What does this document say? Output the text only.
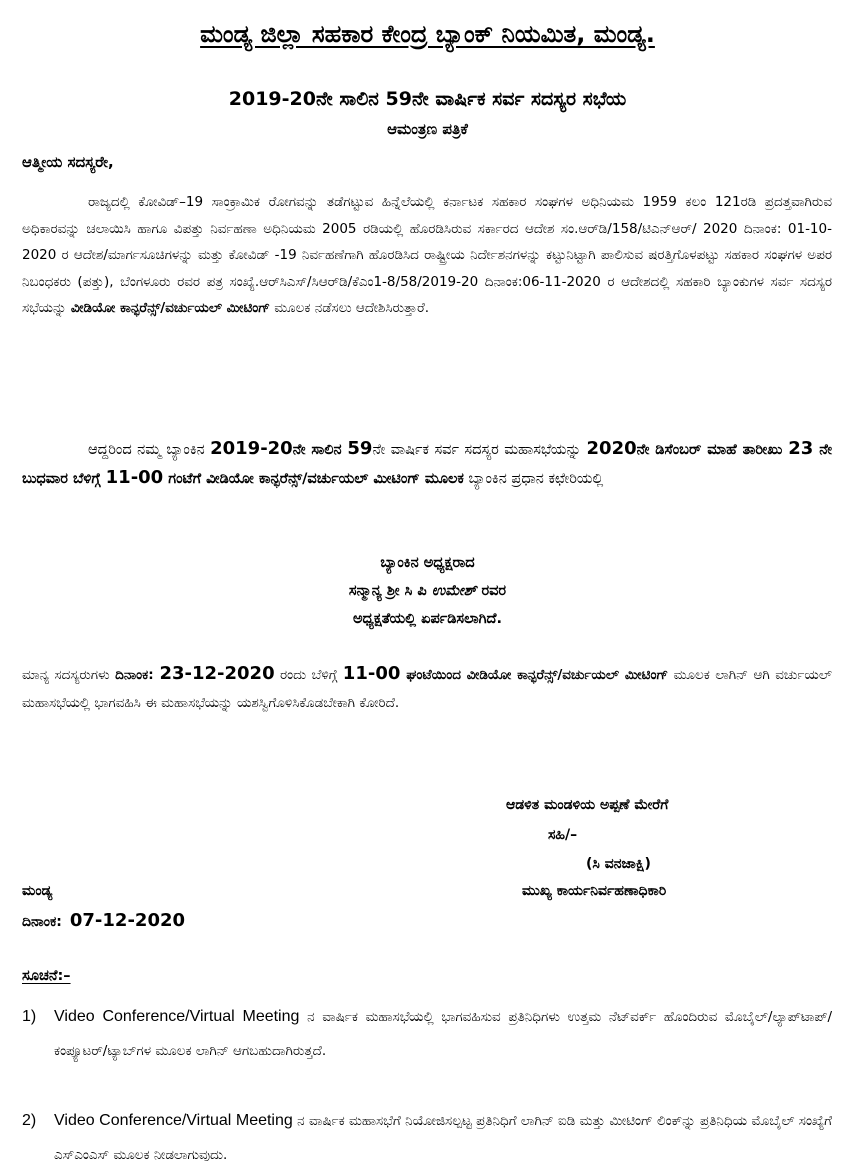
ಮಂಡ್ಯ ಜಿಲ್ಲಾ ಸಹಕಾರ ಕೇಂದ್ರ ಬ್ಯಾಂಕ್ ನಿಯಮಿತ, ಮಂಡ್ಯ.
2019-20ನೇ ಸಾಲಿನ 59ನೇ ವಾರ್ಷಿಕ ಸರ್ವ ಸದಸ್ಯರ ಸಭೆಯ
ಆಮಂತ್ರಣ ಪತ್ರಿಕೆ
ಆತ್ಮೀಯ ಸದಸ್ಯರೇ,
ರಾಜ್ಯದಲ್ಲಿ ಕೋವಿಡ್–19 ಸಾಂಕ್ರಾಮಿಕ ರೋಗವನ್ನು ತಡೆಗಟ್ಟುವ ಹಿನ್ನೆಲೆಯಲ್ಲಿ ಕರ್ನಾಟಕ ಸಹಕಾರ ಸಂಘಗಳ ಅಧಿನಿಯಮ 1959 ಕಲಂ 121ರಡಿ ಪ್ರದತ್ತವಾಗಿರುವ ಅಧಿಕಾರವನ್ನು ಚಲಾಯಿಸಿ ಹಾಗೂ ವಿಪತ್ತು ನಿರ್ವಹಣಾ ಅಧಿನಿಯಮ 2005 ರಡಿಯಲ್ಲಿ ಹೊರಡಿಸಿರುವ ಸರ್ಕಾರದ ಆದೇಶ ಸಂ.ಆರ್‌ಡಿ/158/ಟಿಎನ್‌ಆರ್/ 2020 ದಿನಾಂಕ: 01-10-2020 ರ ಆದೇಶ/ಮಾರ್ಗಸೂಚಿಗಳನ್ನು ಮತ್ತು ಕೋವಿಡ್ -19 ನಿರ್ವಹಣೆಗಾಗಿ ಹೊರಡಿಸಿದ ರಾಷ್ಟ್ರೀಯ ನಿರ್ದೇಶನಗಳನ್ನು ಕಟ್ಟುನಿಟ್ಟಾಗಿ ಪಾಲಿಸುವ ಷರತ್ತಿಗೊಳಪಟ್ಟು ಸಹಕಾರ ಸಂಘಗಳ ಅಪರ ನಿಬಂಧಕರು (ಪತ್ತು), ಬೆಂಗಳೂರು ರವರ ಪತ್ರ ಸಂಖ್ಯೆ.ಆರ್‌ಸಿಎಸ್/ಸಿಆರ್‌ಡಿ/ಕೆಎಂ1-8/58/2019-20 ದಿನಾಂಕ:06-11-2020 ರ ಆದೇಶದಲ್ಲಿ ಸಹಕಾರಿ ಬ್ಯಾಂಕುಗಳ ಸರ್ವ ಸದಸ್ಯರ ಸಭೆಯನ್ನು ವೀಡಿಯೋ ಕಾನ್ಫರೆನ್ಸ್/ವರ್ಚುಯಲ್ ಮೀಟಿಂಗ್ ಮೂಲಕ ನಡೆಸಲು ಆದೇಶಿಸಿರುತ್ತಾರೆ.
ಆದ್ದರಿಂದ ನಮ್ಮ ಬ್ಯಾಂಕಿನ 2019-20ನೇ ಸಾಲಿನ 59ನೇ ವಾರ್ಷಿಕ ಸರ್ವ ಸದಸ್ಯರ ಮಹಾಸಭೆಯನ್ನು 2020ನೇ ಡಿಸೆಂಬರ್ ಮಾಹೆ ತಾರೀಖು 23 ನೇ ಬುಧವಾರ ಬೆಳಿಗ್ಗೆ 11-00 ಗಂಟೆಗೆ ವೀಡಿಯೋ ಕಾನ್ಫರೆನ್ಸ್/ವರ್ಚುಯಲ್ ಮೀಟಿಂಗ್ ಮೂಲಕ ಬ್ಯಾಂಕಿನ ಪ್ರಧಾನ ಕಛೇರಿಯಲ್ಲಿ
ಬ್ಯಾಂಕಿನ ಅಧ್ಯಕ್ಷರಾದ
ಸನ್ಮಾನ್ಯ ಶ್ರೀ ಸಿ ಪಿ ಉಮೇಶ್ ರವರ
ಅಧ್ಯಕ್ಷತೆಯಲ್ಲಿ ಏರ್ಪಡಿಸಲಾಗಿದೆ.
ಮಾನ್ಯ ಸದಸ್ಯರುಗಳು ದಿನಾಂಕ: 23-12-2020 ರಂದು ಬೆಳಿಗ್ಗೆ 11-00 ಘಂಟೆಯಿಂದ ವೀಡಿಯೋ ಕಾನ್ಫರೆನ್ಸ್/ವರ್ಚುಯಲ್ ಮೀಟಿಂಗ್ ಮೂಲಕ ಲಾಗಿನ್ ಆಗಿ ವರ್ಚುಯಲ್ ಮಹಾಸಭೆಯಲ್ಲಿ ಭಾಗವಹಿಸಿ ಈ ಮಹಾಸಭೆಯನ್ನು ಯಶಸ್ವಿಗೊಳಿಸಿಕೊಡಬೇಕಾಗಿ ಕೋರಿದೆ.
ಆಡಳಿತ ಮಂಡಳಿಯ ಅಪ್ಪಣೆ ಮೇರೆಗೆ
ಸಹಿ/–
(ಸಿ ವನಜಾಕ್ಷಿ)
ಮುಖ್ಯ ಕಾರ್ಯನಿರ್ವಹಣಾಧಿಕಾರಿ
ಮಂಡ್ಯ
ದಿನಾಂಕ: 07-12-2020
ಸೂಚನೆ:–
1) Video Conference/Virtual Meeting ನ ವಾರ್ಷಿಕ ಮಹಾಸಭೆಯಲ್ಲಿ ಭಾಗವಹಿಸುವ ಪ್ರತಿನಿಧಿಗಳು ಉತ್ತಮ ನೆಟ್‌ವರ್ಕ್ ಹೊಂದಿರುವ ಮೊಬೈಲ್/ಲ್ಯಾಪ್‌ಟಾಪ್/ಕಂಪ್ಯೂಟರ್/ಟ್ಯಾಬ್‌ಗಳ ಮೂಲಕ ಲಾಗಿನ್ ಆಗಬಹುದಾಗಿರುತ್ತದೆ.
2) Video Conference/Virtual Meeting ನ ವಾರ್ಷಿಕ ಮಹಾಸಭೆಗೆ ನಿಯೋಜಿಸಲ್ಪಟ್ಟ ಪ್ರತಿನಿಧಿಗೆ ಲಾಗಿನ್ ಐಡಿ ಮತ್ತು ಮೀಟಿಂಗ್ ಲಿಂಕ್‌ನ್ನು ಪ್ರತಿನಿಧಿಯ ಮೊಬೈಲ್ ಸಂಖ್ಯೆಗೆ ಎಸ್‌ಎಂಎಸ್ ಮೂಲಕ ನೀಡಲಾಗುವುದು.
